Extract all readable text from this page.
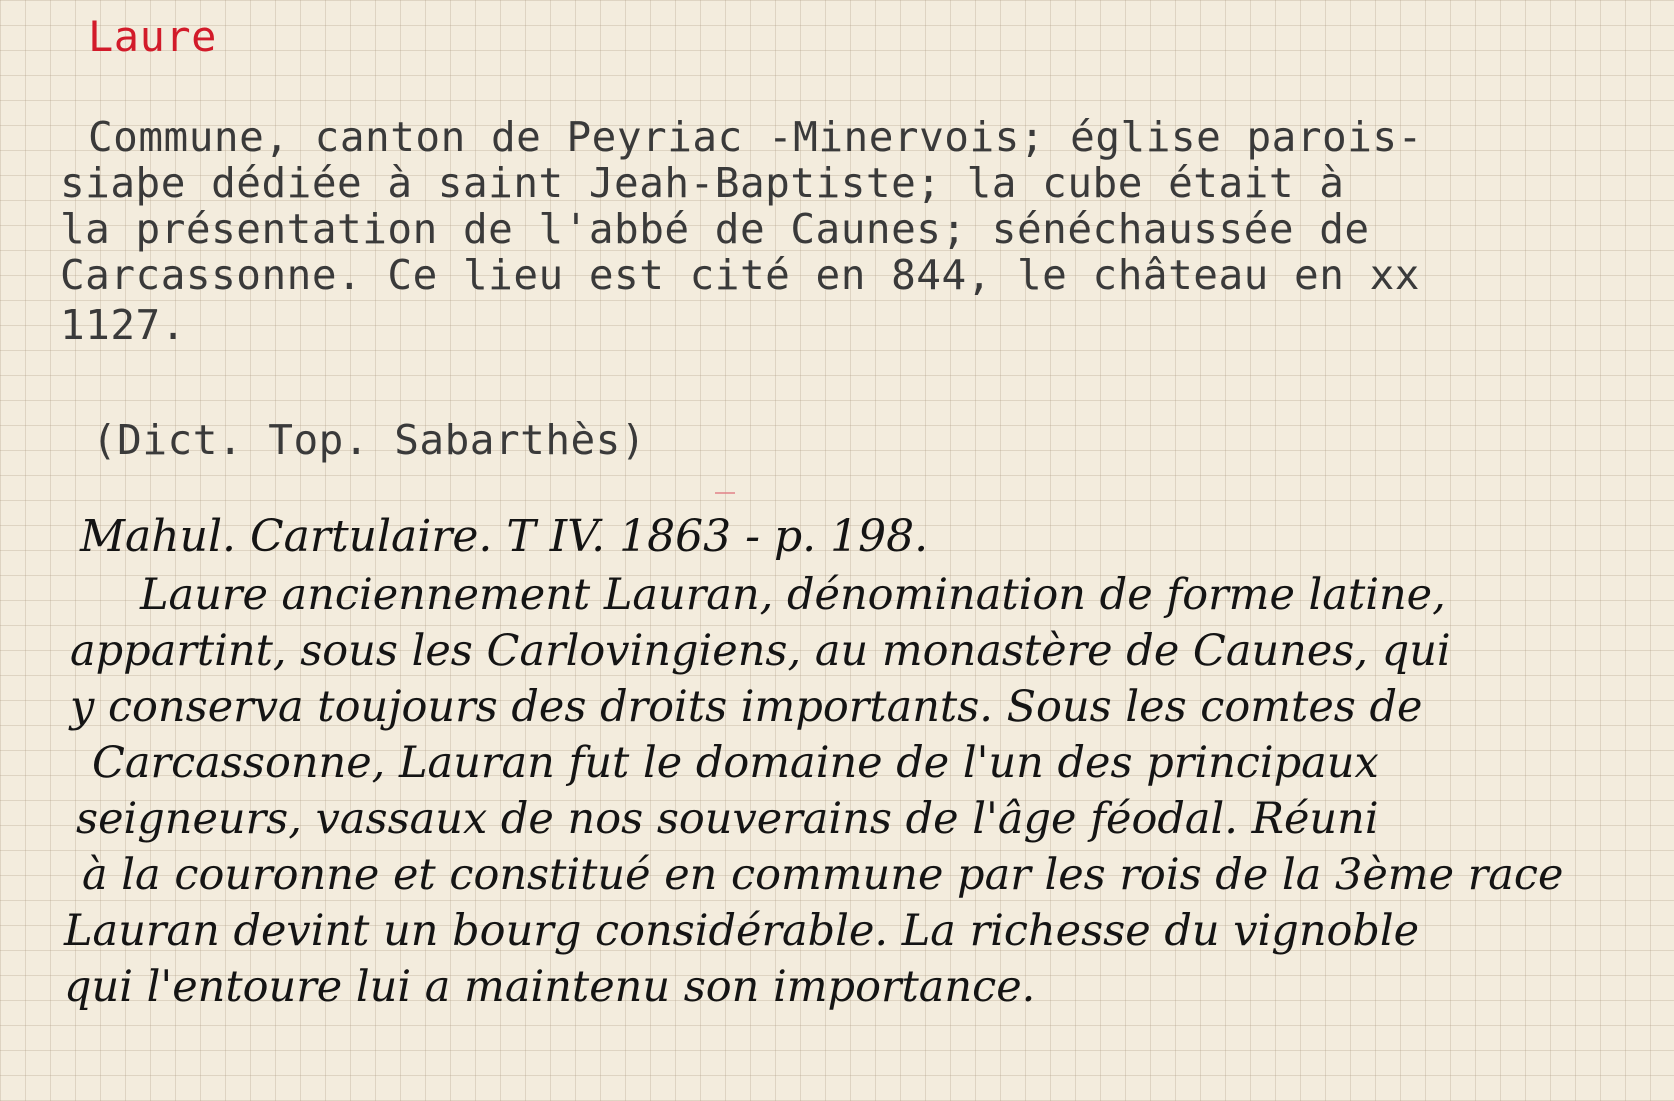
Laure
Commune, canton de Peyriac -Minervois; église parois-
siaþe dédiée à saint Jeah-Baptiste; la cube était à
la présentation de l'abbé de Caunes; sénéchaussée de
Carcassonne. Ce lieu est cité en 844, le château en xx
1127.
(Dict. Top. Sabarthès)
Mahul. Cartulaire. T IV. 1863 - p. 198.
Laure anciennement Lauran, dénomination de forme latine,
appartint, sous les Carlovingiens, au monastère de Caunes, qui
y conserva toujours des droits importants. Sous les comtes de
Carcassonne, Lauran fut le domaine de l'un des principaux
seigneurs, vassaux de nos souverains de l'âge féodal. Réuni
à la couronne et constitué en commune par les rois de la 3ème race
Lauran devint un bourg considérable. La richesse du vignoble
qui l'entoure lui a maintenu son importance.
